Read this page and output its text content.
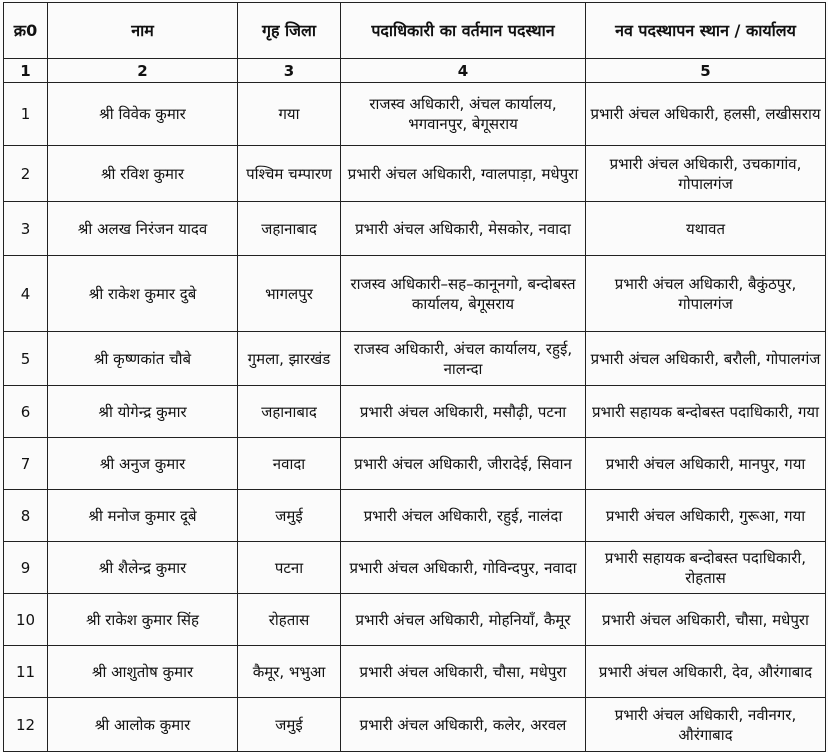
क्र0	नाम	गृह जिला	पदाधिकारी का वर्तमान पदस्थान	नव पदस्थापन स्थान / कार्यालय
1	2	3	4	5
1	श्री विवेक कुमार	गया	राजस्व अधिकारी, अंचल कार्यालय, भगवानपुर, बेगूसराय	प्रभारी अंचल अधिकारी, हलसी, लखीसराय
2	श्री रविश कुमार	पश्चिम चम्पारण	प्रभारी अंचल अधिकारी, ग्वालपाड़ा, मधेपुरा	प्रभारी अंचल अधिकारी, उचकागांव, गोपालगंज
3	श्री अलख निरंजन यादव	जहानाबाद	प्रभारी अंचल अधिकारी, मेसकोर, नवादा	यथावत
4	श्री राकेश कुमार दुबे	भागलपुर	राजस्व अधिकारी–सह–कानूनगो, बन्दोबस्त कार्यालय, बेगूसराय	प्रभारी अंचल अधिकारी, बैकुंठपुर, गोपालगंज
5	श्री कृष्णकांत चौबे	गुमला, झारखंड	राजस्व अधिकारी, अंचल कार्यालय, रहुई, नालन्दा	प्रभारी अंचल अधिकारी, बरौली, गोपालगंज
6	श्री योगेन्द्र कुमार	जहानाबाद	प्रभारी अंचल अधिकारी, मसौढ़ी, पटना	प्रभारी सहायक बन्दोबस्त पदाधिकारी, गया
7	श्री अनुज कुमार	नवादा	प्रभारी अंचल अधिकारी, जीरादेई, सिवान	प्रभारी अंचल अधिकारी, मानपुर, गया
8	श्री मनोज कुमार दूबे	जमुई	प्रभारी अंचल अधिकारी, रहुई, नालंदा	प्रभारी अंचल अधिकारी, गुरूआ, गया
9	श्री शैलेन्द्र कुमार	पटना	प्रभारी अंचल अधिकारी, गोविन्दपुर, नवादा	प्रभारी सहायक बन्दोबस्त पदाधिकारी, रोहतास
10	श्री राकेश कुमार सिंह	रोहतास	प्रभारी अंचल अधिकारी, मोहनियाँ, कैमूर	प्रभारी अंचल अधिकारी, चौसा, मधेपुरा
11	श्री आशुतोष कुमार	कैमूर, भभुआ	प्रभारी अंचल अधिकारी, चौसा, मधेपुरा	प्रभारी अंचल अधिकारी, देव, औरंगाबाद
12	श्री आलोक कुमार	जमुई	प्रभारी अंचल अधिकारी, कलेर, अरवल	प्रभारी अंचल अधिकारी, नवीनगर, औरंगाबाद
